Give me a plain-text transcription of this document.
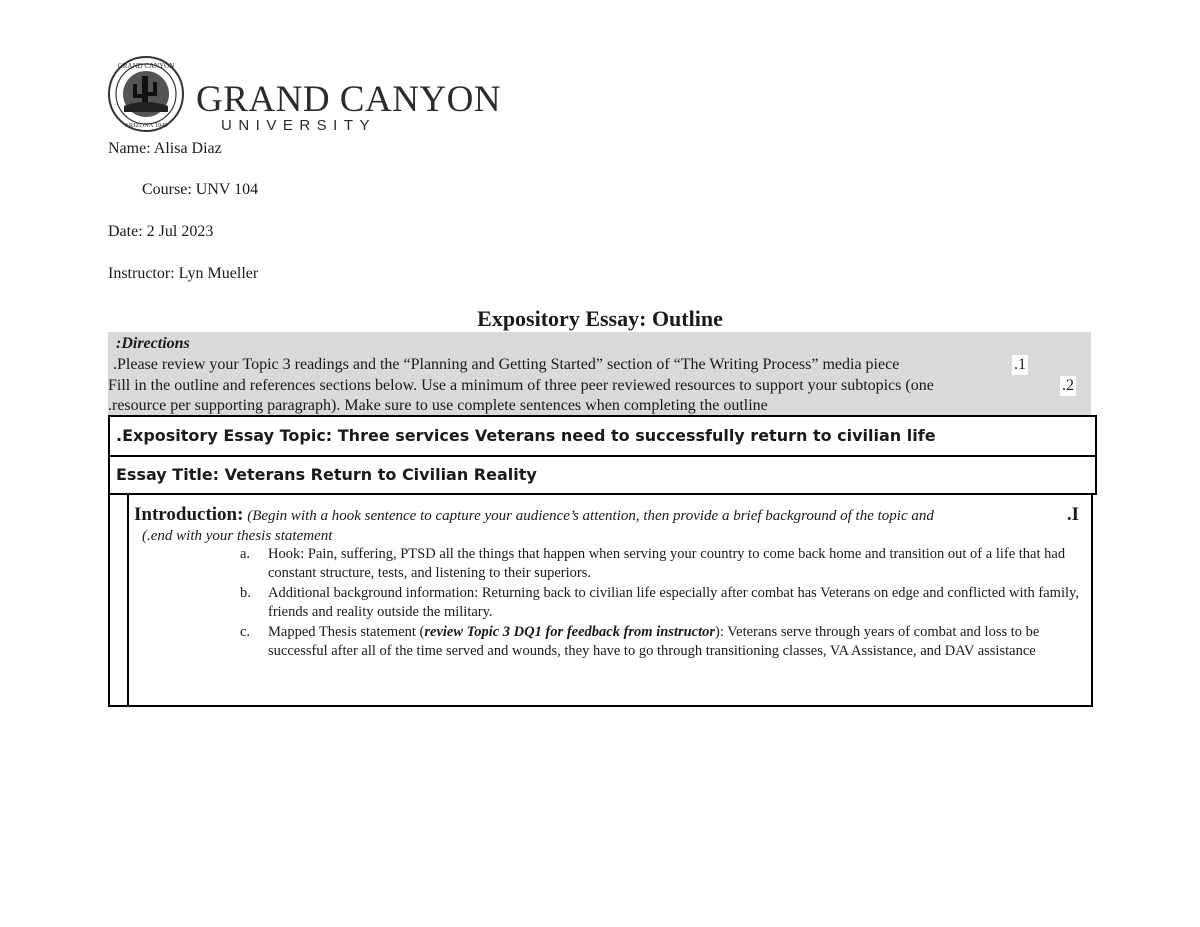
GRAND CANYON
ARIZONA 1949
GRAND CANYON
UNIVERSITY
Name: Alisa Diaz
Course: UNV 104
Date: 2 Jul 2023
Instructor: Lyn Mueller
Expository Essay: Outline
:Directions
.Please review your Topic 3 readings and the “Planning and Getting Started” section of “The Writing Process” media piece	.1
Fill in the outline and references sections below. Use a minimum of three peer reviewed resources to support your subtopics (one	.2
.resource per supporting paragraph). Make sure to use complete sentences when completing the outline
.Expository Essay Topic: Three services Veterans need to successfully return to civilian life
Essay Title: Veterans Return to Civilian Reality
Introduction: (Begin with a hook sentence to capture your audience’s attention, then provide a brief background of the topic and	.I
(.end with your thesis statement
a.	Hook: Pain, suffering, PTSD all the things that happen when serving your country to come back home and transition out of a life that had constant structure, tests, and listening to their superiors.
b.	Additional background information: Returning back to civilian life especially after combat has Veterans on edge and conflicted with family, friends and reality outside the military.
c.	Mapped Thesis statement (review Topic 3 DQ1 for feedback from instructor): Veterans serve through years of combat and loss to be successful after all of the time served and wounds, they have to go through transitioning classes, VA Assistance, and DAV assistance
